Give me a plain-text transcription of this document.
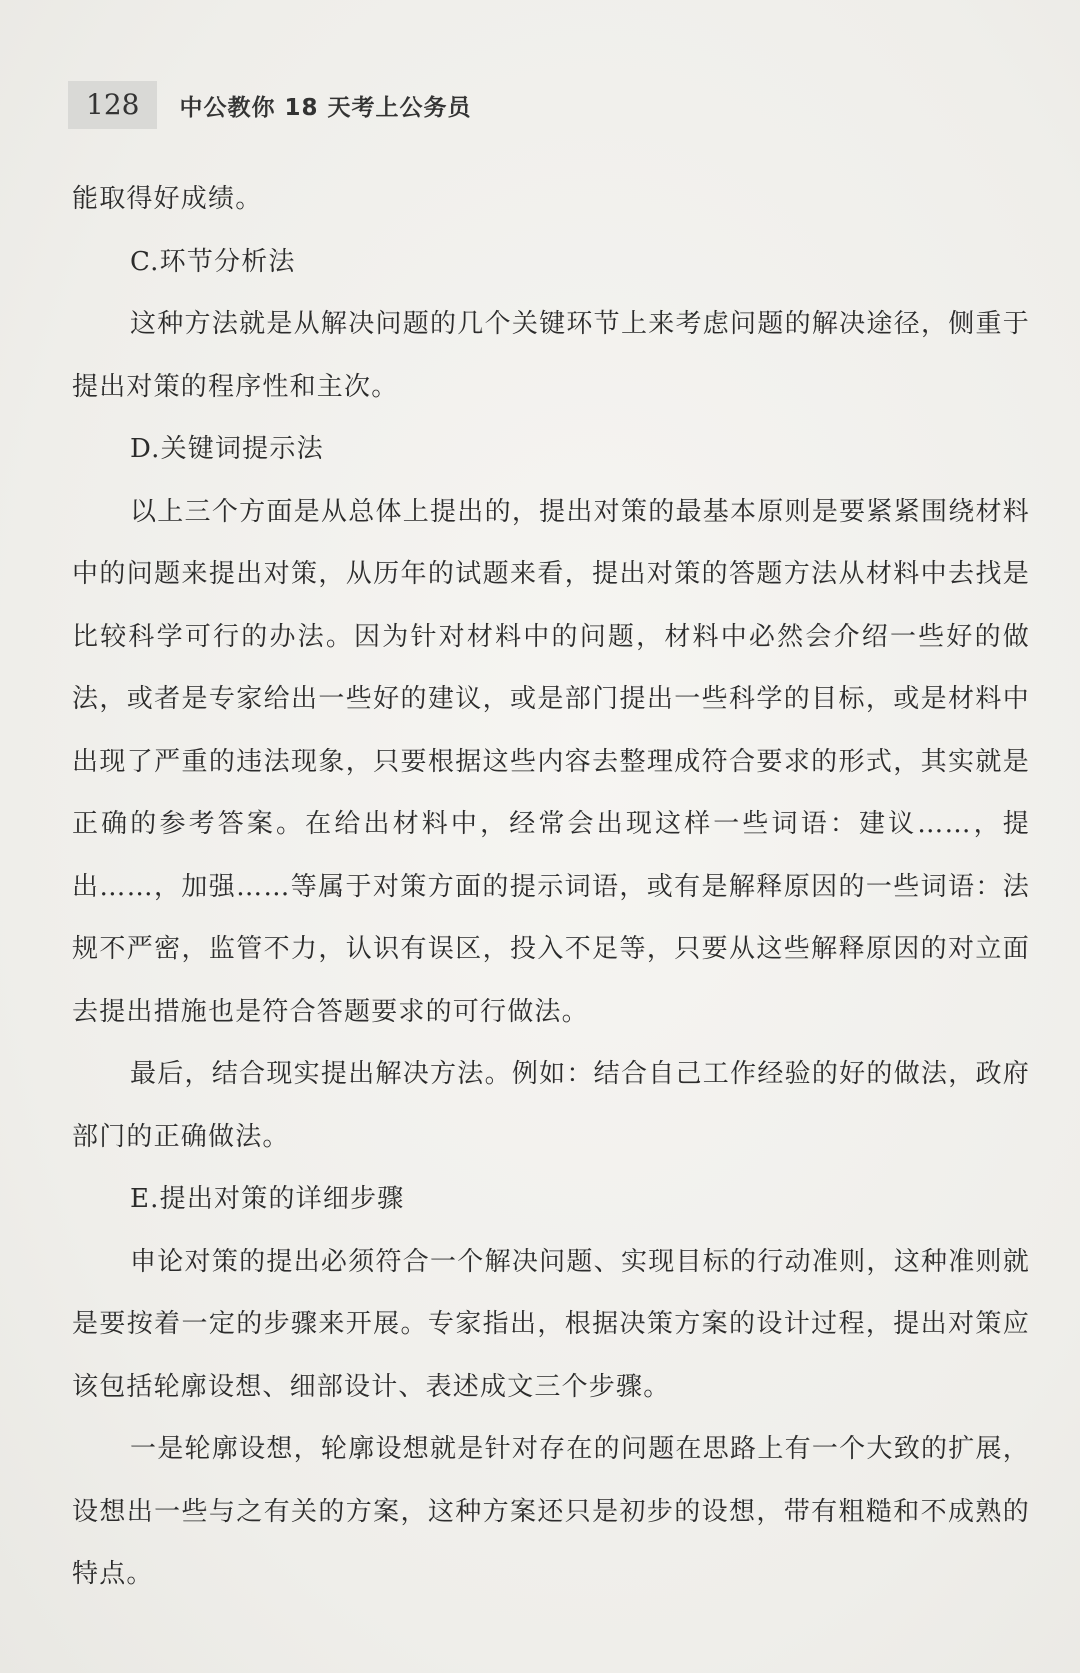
128	中公教你 18 天考上公务员

能取得好成绩。

C.环节分析法

这种方法就是从解决问题的几个关键环节上来考虑问题的解决途径，侧重于提出对策的程序性和主次。

D.关键词提示法

以上三个方面是从总体上提出的，提出对策的最基本原则是要紧紧围绕材料中的问题来提出对策，从历年的试题来看，提出对策的答题方法从材料中去找是比较科学可行的办法。因为针对材料中的问题，材料中必然会介绍一些好的做法，或者是专家给出一些好的建议，或是部门提出一些科学的目标，或是材料中出现了严重的违法现象，只要根据这些内容去整理成符合要求的形式，其实就是正确的参考答案。在给出材料中，经常会出现这样一些词语：建议……，提出……，加强……等属于对策方面的提示词语，或有是解释原因的一些词语：法规不严密，监管不力，认识有误区，投入不足等，只要从这些解释原因的对立面去提出措施也是符合答题要求的可行做法。

最后，结合现实提出解决方法。例如：结合自己工作经验的好的做法，政府部门的正确做法。

E.提出对策的详细步骤

申论对策的提出必须符合一个解决问题、实现目标的行动准则，这种准则就是要按着一定的步骤来开展。专家指出，根据决策方案的设计过程，提出对策应该包括轮廓设想、细部设计、表述成文三个步骤。

一是轮廓设想，轮廓设想就是针对存在的问题在思路上有一个大致的扩展，设想出一些与之有关的方案，这种方案还只是初步的设想，带有粗糙和不成熟的特点。
